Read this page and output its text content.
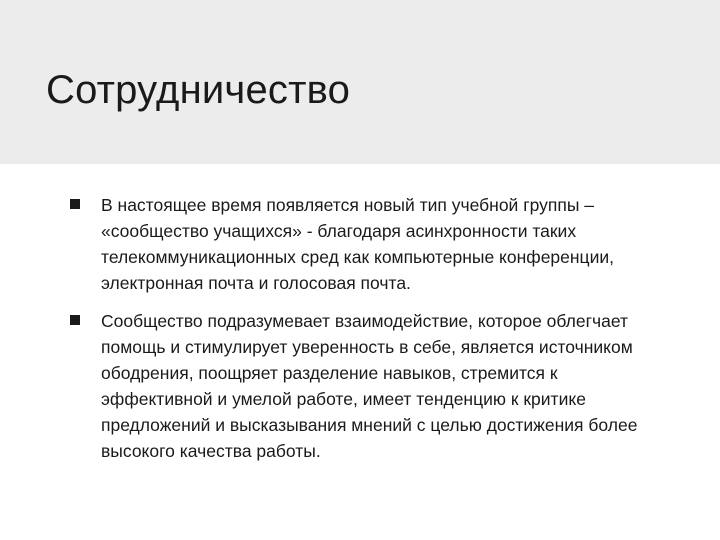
Сотрудничество
В настоящее время появляется новый тип учебной группы – «сообщество учащихся» - благодаря асинхронности таких телекоммуникационных сред как компьютерные конференции, электронная почта и голосовая почта.
Сообщество подразумевает взаимодействие, которое облегчает помощь и стимулирует уверенность в себе, является источником ободрения, поощряет разделение навыков, стремится к эффективной и умелой работе, имеет тенденцию к критике предложений и высказывания мнений с целью достижения более высокого качества работы.
